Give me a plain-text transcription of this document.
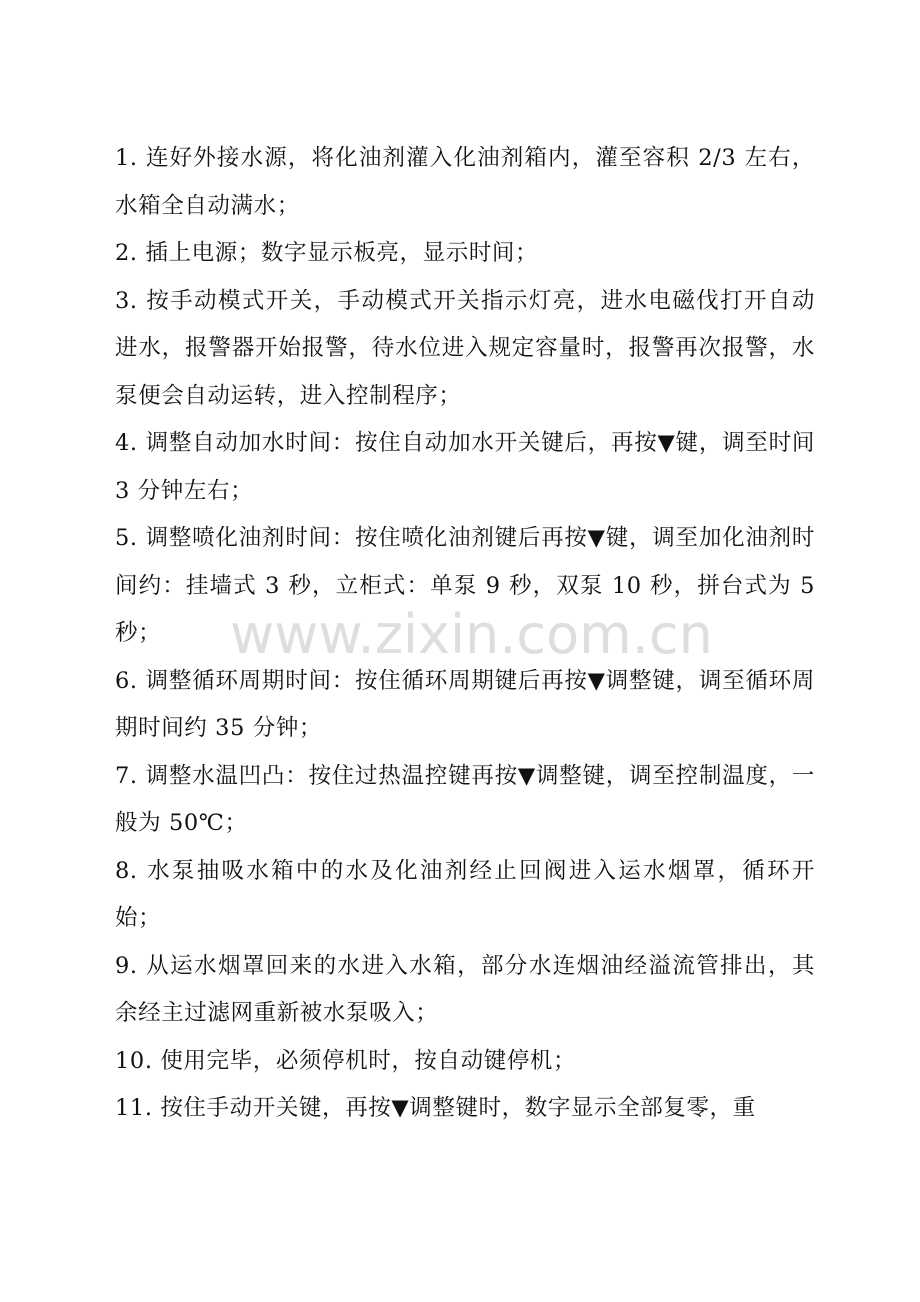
1. 连好外接水源，将化油剂灌入化油剂箱内，灌至容积 2/3 左右，水箱全自动满水；

2. 插上电源；数字显示板亮，显示时间；

3. 按手动模式开关，手动模式开关指示灯亮，进水电磁伐打开自动进水，报警器开始报警，待水位进入规定容量时，报警再次报警，水泵便会自动运转，进入控制程序；

4. 调整自动加水时间：按住自动加水开关键后，再按▼键，调至时间 3 分钟左右；

5. 调整喷化油剂时间：按住喷化油剂键后再按▼键，调至加化油剂时间约：挂墙式 3 秒，立柜式：单泵 9 秒，双泵 10 秒，拼台式为 5 秒；

6. 调整循环周期时间：按住循环周期键后再按▼调整键，调至循环周期时间约 35 分钟；

7. 调整水温凹凸：按住过热温控键再按▼调整键，调至控制温度，一般为 50℃；

8. 水泵抽吸水箱中的水及化油剂经止回阀进入运水烟罩，循环开始；

9. 从运水烟罩回来的水进入水箱，部分水连烟油经溢流管排出，其余经主过滤网重新被水泵吸入；

10. 使用完毕，必须停机时，按自动键停机；

11. 按住手动开关键，再按▼调整键时，数字显示全部复零，重

www.zixin.com.cn
